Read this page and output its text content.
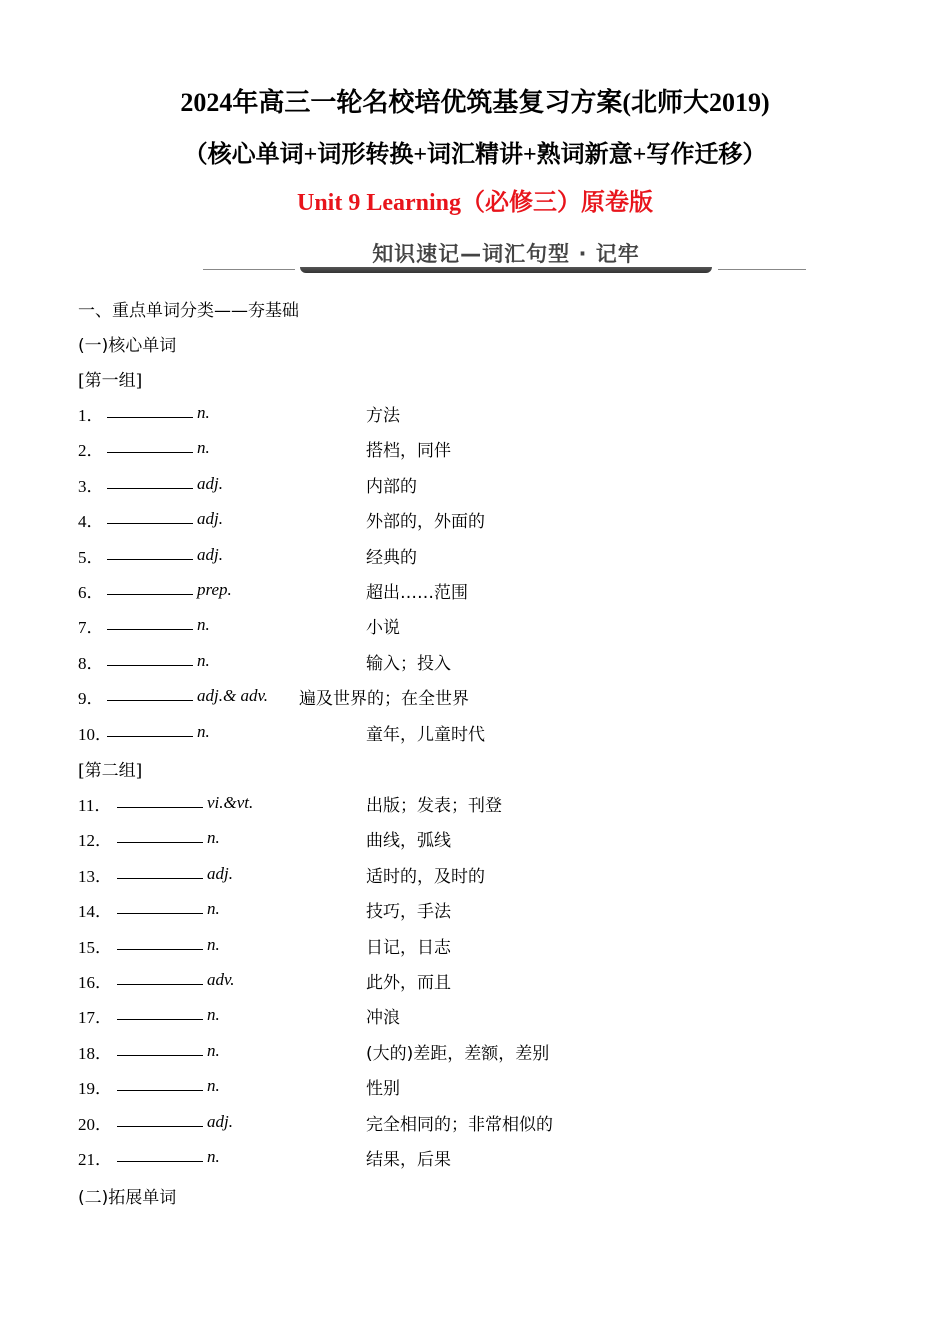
2024年高三一轮名校培优筑基复习方案(北师大2019)
（核心单词+词形转换+词汇精讲+熟词新意+写作迁移）
Unit 9 Learning（必修三）原卷版
知识速记—词汇句型 · 记牢
一、重点单词分类——夯基础
(一)核心单词
[第一组]
1．	n.	方法
2．	n.	搭档，同伴
3．	adj.	内部的
4．	adj.	外部的，外面的
5．	adj.	经典的
6．	prep.	超出……范围
7．	n.	小说
8．	n.	输入；投入
9．	adj.& adv. 遍及世界的；在全世界
10．	n.	童年，儿童时代
[第二组]
11．	vi.&vt.	出版；发表；刊登
12．	n.	曲线，弧线
13．	adj.	适时的，及时的
14．	n.	技巧，手法
15．	n.	日记，日志
16．	adv.	此外，而且
17．	n.	冲浪
18．	n.	(大的)差距，差额，差别
19．	n.	性别
20．	adj.	完全相同的；非常相似的
21．	n.	结果，后果
(二)拓展单词
